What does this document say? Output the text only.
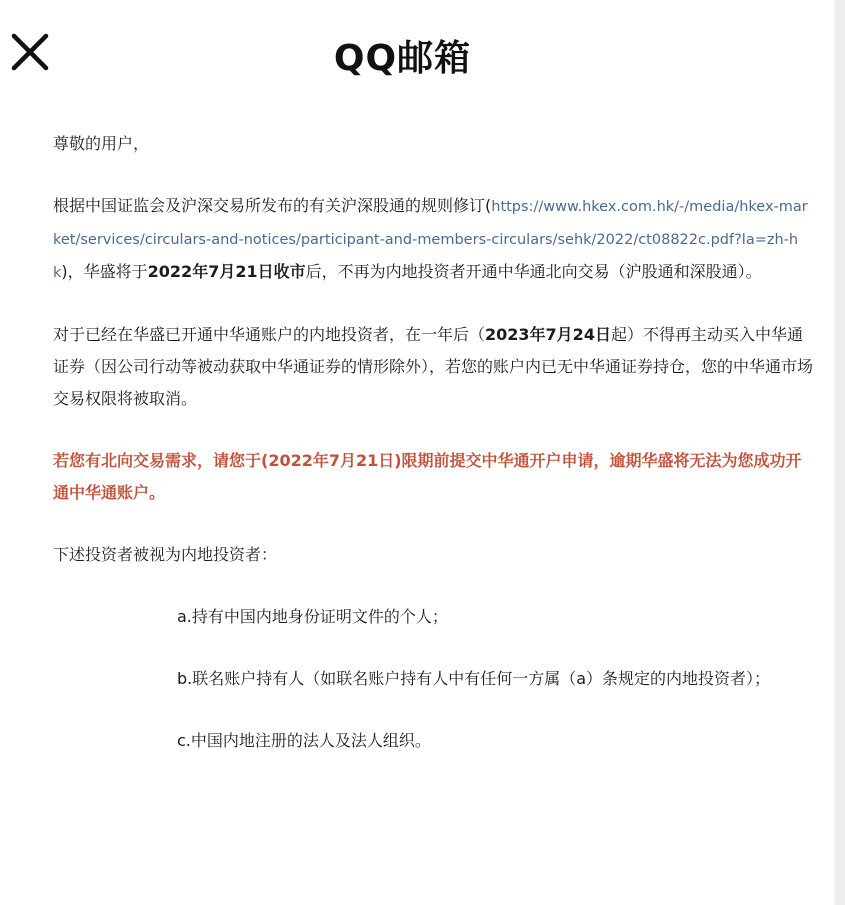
QQ邮箱

尊敬的用户，

根据中国证监会及沪深交易所发布的有关沪深股通的规则修订(https://www.hkex.com.hk/-/media/hkex-market/services/circulars-and-notices/participant-and-members-circulars/sehk/2022/ct08822c.pdf?la=zh-hk)，华盛将于2022年7月21日收市后，不再为内地投资者开通中华通北向交易（沪股通和深股通）。

对于已经在华盛已开通中华通账户的内地投资者，在一年后（2023年7月24日起）不得再主动买入中华通证券（因公司行动等被动获取中华通证券的情形除外），若您的账户内已无中华通证券持仓，您的中华通市场交易权限将被取消。

若您有北向交易需求，请您于(2022年7月21日)限期前提交中华通开户申请，逾期华盛将无法为您成功开通中华通账户。

下述投资者被视为内地投资者：

a.持有中国内地身份证明文件的个人；

b.联名账户持有人（如联名账户持有人中有任何一方属（a）条规定的内地投资者）；

c.中国内地注册的法人及法人组织。
